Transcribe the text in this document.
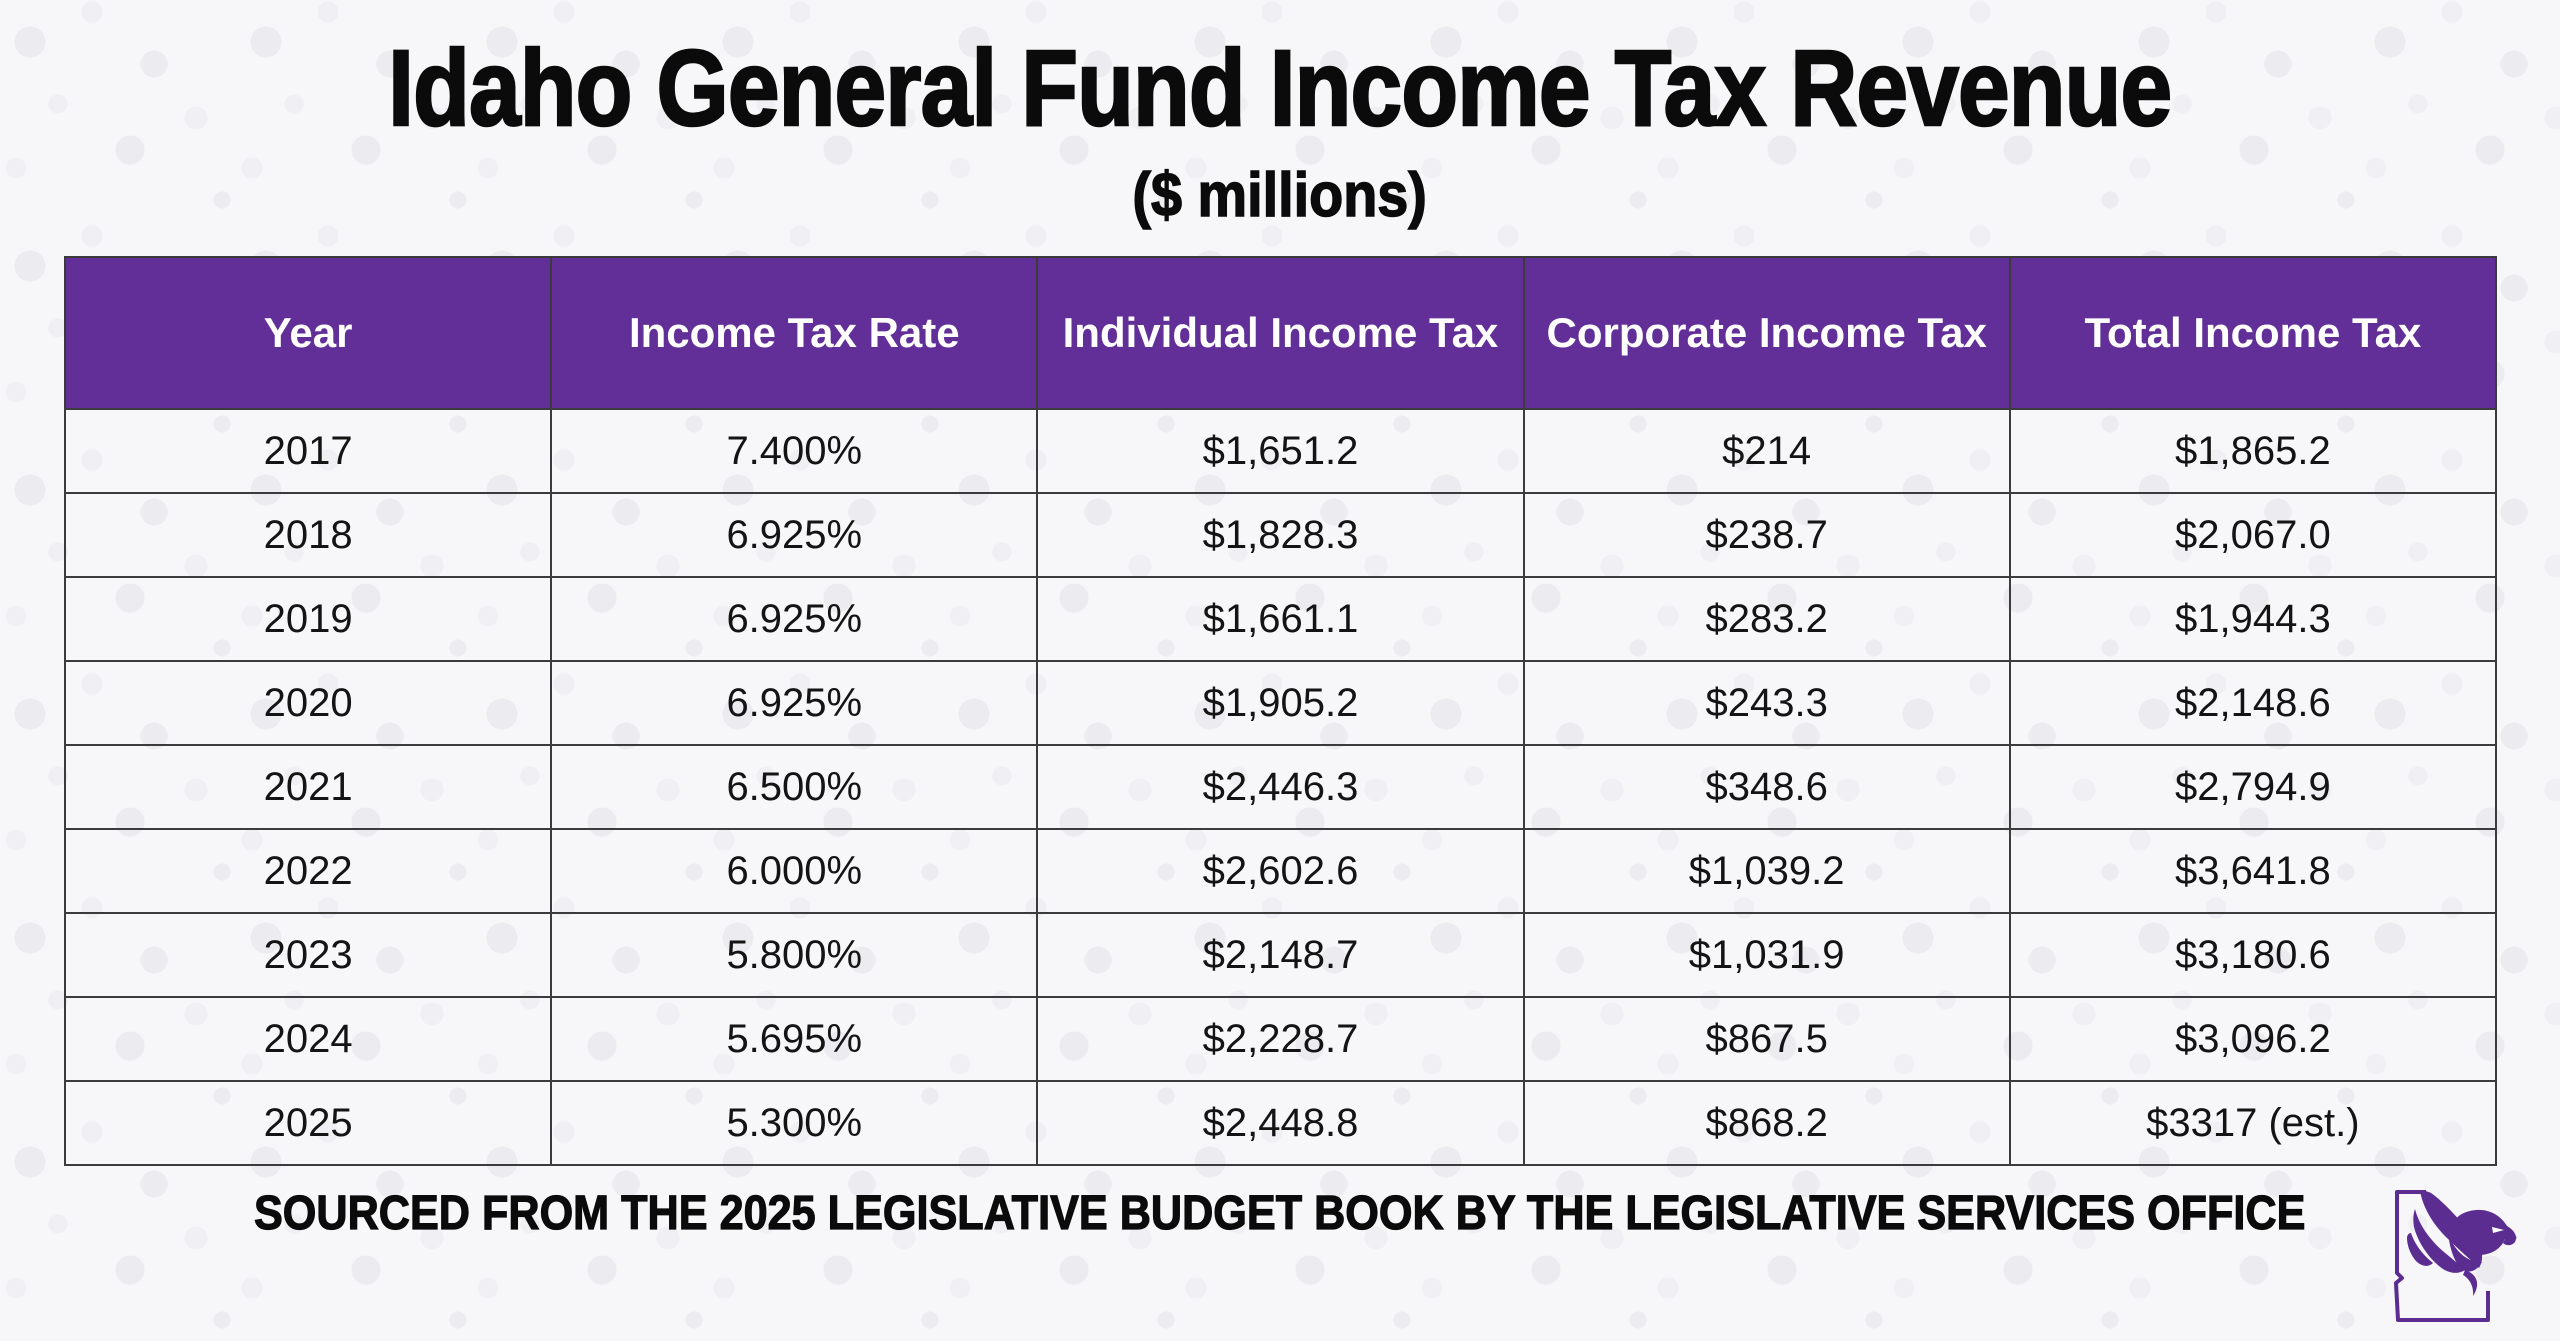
Idaho General Fund Income Tax Revenue
($ millions)
Year	Income Tax Rate	Individual Income Tax	Corporate Income Tax	Total Income Tax
2017	7.400%	$1,651.2	$214	$1,865.2
2018	6.925%	$1,828.3	$238.7	$2,067.0
2019	6.925%	$1,661.1	$283.2	$1,944.3
2020	6.925%	$1,905.2	$243.3	$2,148.6
2021	6.500%	$2,446.3	$348.6	$2,794.9
2022	6.000%	$2,602.6	$1,039.2	$3,641.8
2023	5.800%	$2,148.7	$1,031.9	$3,180.6
2024	5.695%	$2,228.7	$867.5	$3,096.2
2025	5.300%	$2,448.8	$868.2	$3317 (est.)
SOURCED FROM THE 2025 LEGISLATIVE BUDGET BOOK BY THE LEGISLATIVE SERVICES OFFICE
